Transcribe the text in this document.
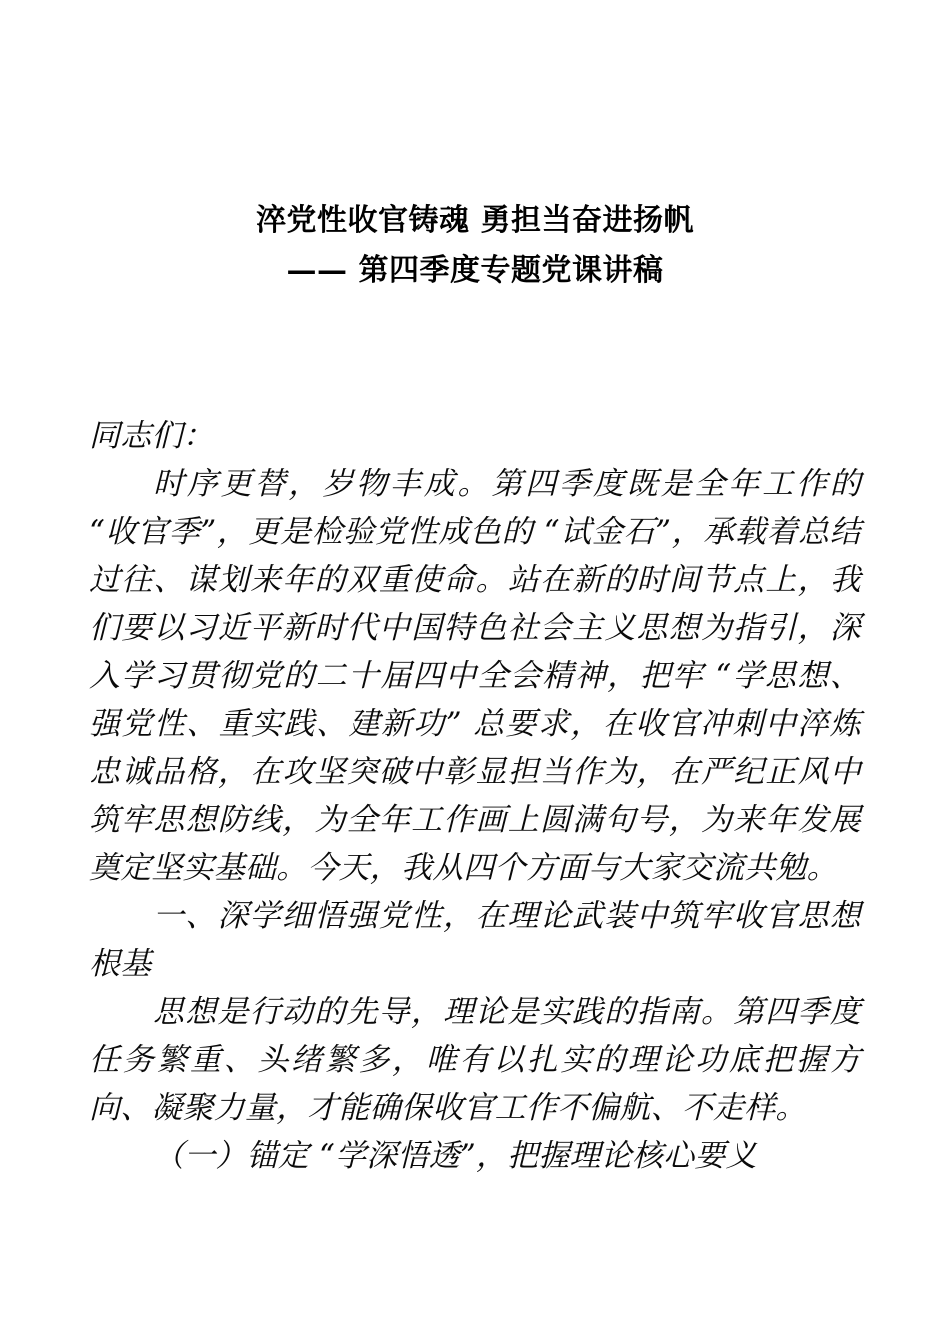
淬党性收官铸魂 勇担当奋进扬帆
—— 第四季度专题党课讲稿

同志们：

时序更替，岁物丰成。第四季度既是全年工作的 “收官季”，更是检验党性成色的 “试金石”，承载着总结过往、谋划来年的双重使命。站在新的时间节点上，我们要以习近平新时代中国特色社会主义思想为指引，深入学习贯彻党的二十届四中全会精神，把牢 “学思想、强党性、重实践、建新功” 总要求，在收官冲刺中淬炼忠诚品格，在攻坚突破中彰显担当作为，在严纪正风中筑牢思想防线，为全年工作画上圆满句号，为来年发展奠定坚实基础。今天，我从四个方面与大家交流共勉。

一、深学细悟强党性，在理论武装中筑牢收官思想根基

思想是行动的先导，理论是实践的指南。第四季度任务繁重、头绪繁多，唯有以扎实的理论功底把握方向、凝聚力量，才能确保收官工作不偏航、不走样。

（一）锚定 “学深悟透”，把握理论核心要义
